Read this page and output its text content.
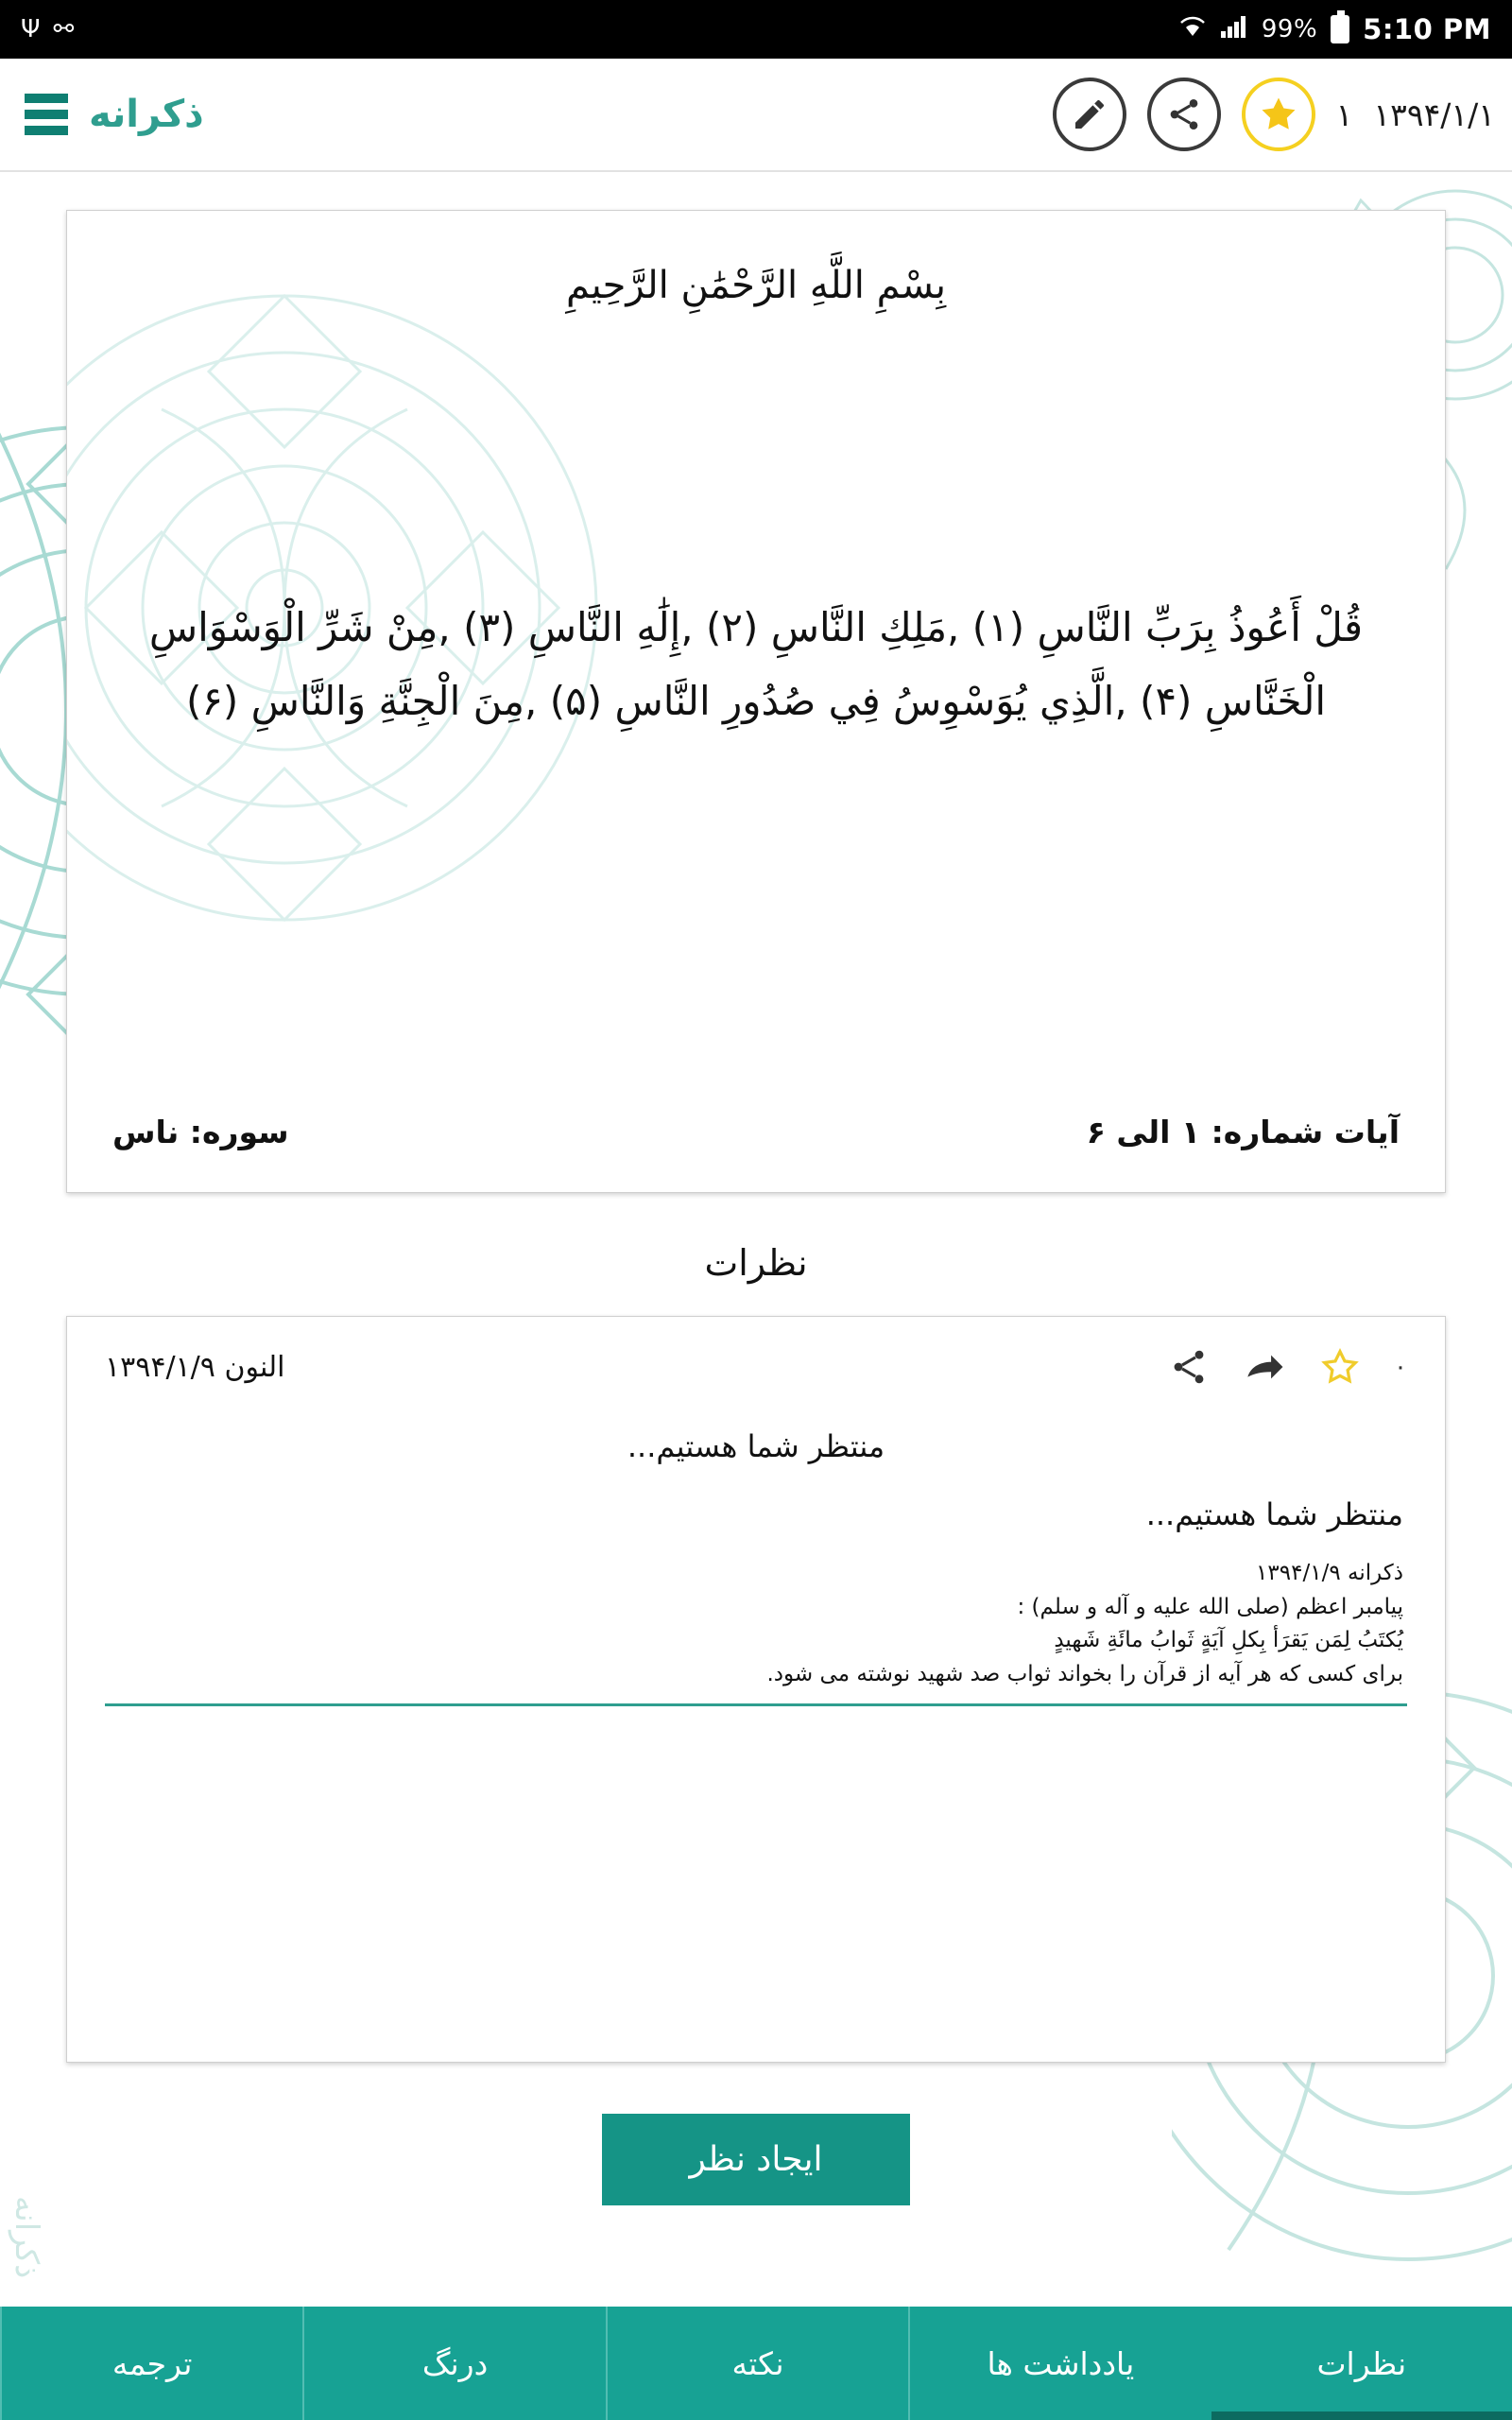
Ψ ⚯	99% 5:10 PM
۱ ۱۳۹۴/۱/۱
ذکرانه
بِسْمِ اللَّهِ الرَّحْمَٰنِ الرَّحِيمِ
قُلْ أَعُوذُ بِرَبِّ النَّاسِ (۱) ,مَلِكِ النَّاسِ (۲) ,إِلَٰهِ النَّاسِ (۳) ,مِنْ شَرِّ الْوَسْوَاسِ الْخَنَّاسِ (۴) ,الَّذِي يُوَسْوِسُ فِي صُدُورِ النَّاسِ (۵) ,مِنَ الْجِنَّةِ وَالنَّاسِ (۶)
آیات شماره: ۱ الی ۶
سوره: ناس
نظرات
۰
النون ۱۳۹۴/۱/۹
منتظر شما هستیم...
منتظر شما هستیم...
ذکرانه ۱۳۹۴/۱/۹
پیامبر اعظم (صلی الله علیه و آله و سلم) :
یُکتَبُ لِمَن یَقرَأ بِکلِ آیَةٍ ثَوابُ مائَةِ شَهیدٍ
برای کسی که هر آیه از قرآن را بخواند ثواب صد شهید نوشته می شود.
ایجاد نظر
ذکرانه
نظرات
یادداشت ها
نکته
درنگ
ترجمه
